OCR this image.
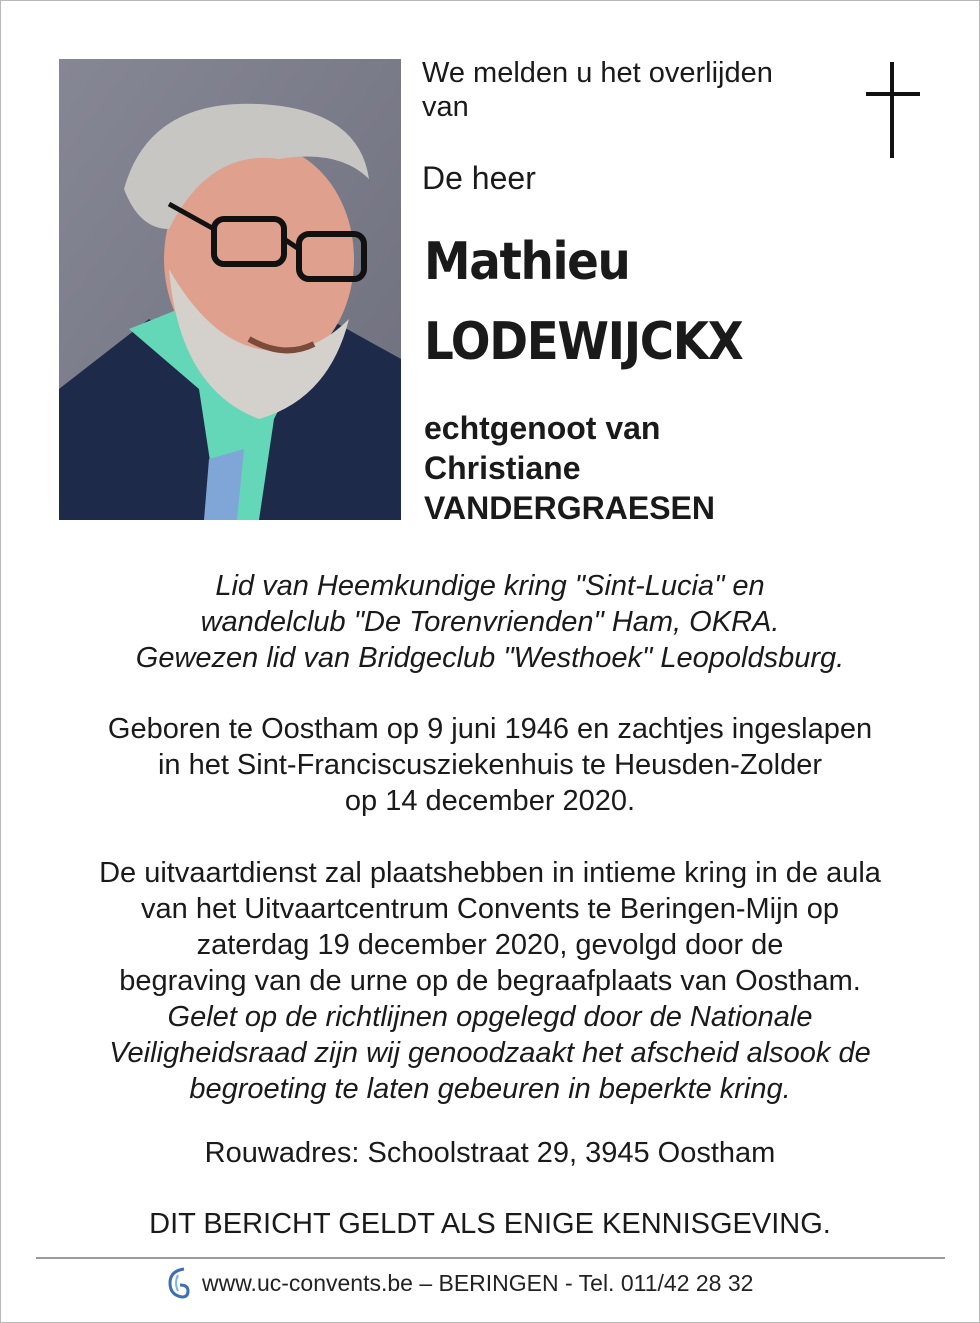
We melden u het overlijden van

De heer

Mathieu

LODEWIJCKX

echtgenoot van
Christiane
VANDERGRAESEN

Lid van Heemkundige kring "Sint-Lucia" en
wandelclub "De Torenvrienden" Ham, OKRA.
Gewezen lid van Bridgeclub "Westhoek" Leopoldsburg.

Geboren te Oostham op 9 juni 1946 en zachtjes ingeslapen
in het Sint-Franciscusziekenhuis te Heusden-Zolder
op 14 december 2020.

De uitvaartdienst zal plaatshebben in intieme kring in de aula
van het Uitvaartcentrum Convents te Beringen-Mijn op
zaterdag 19 december 2020, gevolgd door de
begraving van de urne op de begraafplaats van Oostham.
Gelet op de richtlijnen opgelegd door de Nationale
Veiligheidsraad zijn wij genoodzaakt het afscheid alsook de
begroeting te laten gebeuren in beperkte kring.

Rouwadres: Schoolstraat 29, 3945 Oostham

DIT BERICHT GELDT ALS ENIGE KENNISGEVING.

www.uc-convents.be – BERINGEN - Tel. 011/42 28 32
